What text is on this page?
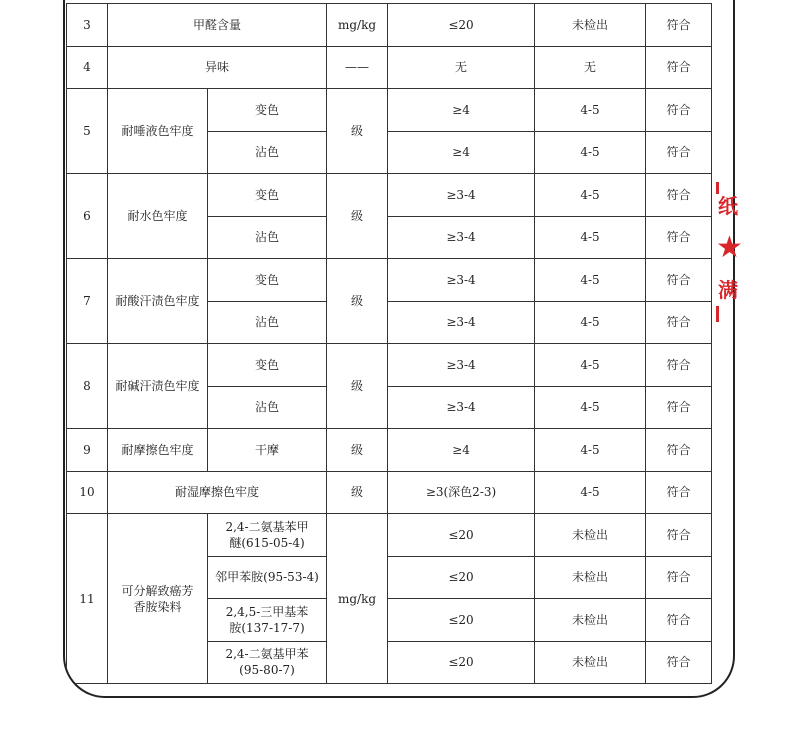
3	甲醛含量		mg/kg	≤20	未检出	符合
4	异味		——	无	无	符合
5	耐唾液色牢度	变色	级	≥4	4-5	符合
		沾色		≥4	4-5	符合
6	耐水色牢度	变色	级	≥3-4	4-5	符合
		沾色		≥3-4	4-5	符合
7	耐酸汗渍色牢度	变色	级	≥3-4	4-5	符合
		沾色		≥3-4	4-5	符合
8	耐碱汗渍色牢度	变色	级	≥3-4	4-5	符合
		沾色		≥3-4	4-5	符合
9	耐摩擦色牢度	干摩	级	≥4	4-5	符合
10	耐湿摩擦色牢度		级	≥3(深色2-3)	4-5	符合
11	可分解致癌芳香胺染料	2,4-二氨基苯甲醚(615-05-4)	mg/kg	≤20	未检出	符合
		邻甲苯胺(95-53-4)		≤20	未检出	符合
		2,4,5-三甲基苯胺(137-17-7)		≤20	未检出	符合
		2,4-二氨基甲苯(95-80-7)		≤20	未检出	符合
纸
★
满
